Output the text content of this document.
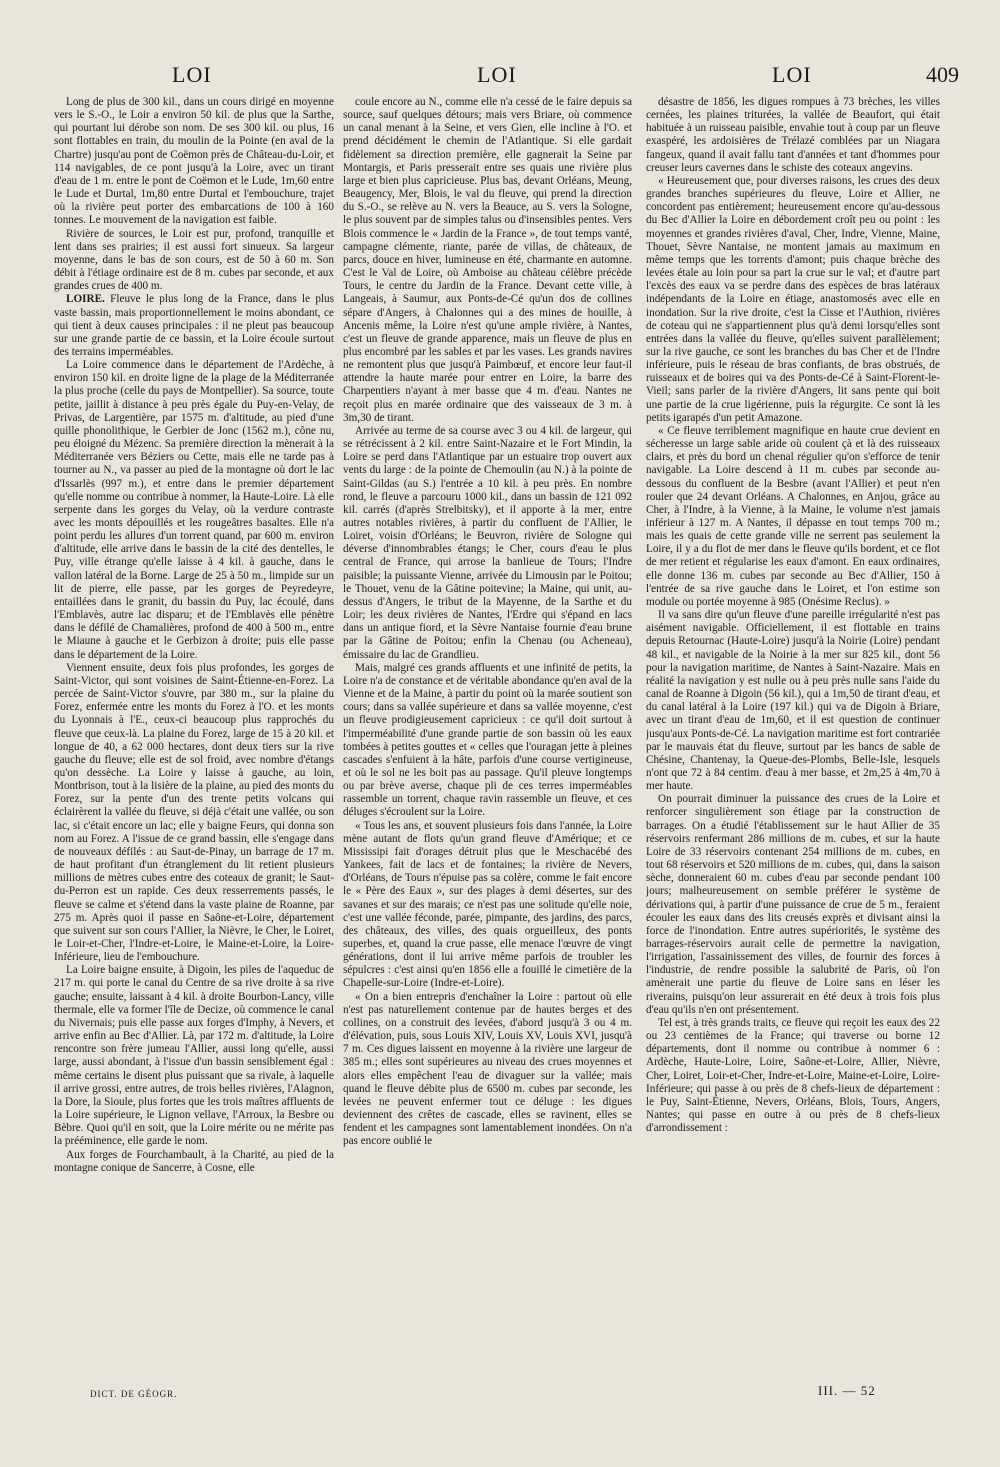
LOI	LOI	LOI	409

Long de plus de 300 kil., dans un cours dirigé en moyenne vers le S.-O., le Loir a environ 50 kil. de plus que la Sarthe, qui pourtant lui dérobe son nom. De ses 300 kil. ou plus, 16 sont flottables en train, du moulin de la Pointe (en aval de la Chartre) jusqu'au pont de Coëmon près de Château-du-Loir, et 114 navigables, de ce pont jusqu'à la Loire, avec un tirant d'eau de 1 m. entre le pont de Coëmon et le Lude, 1m,60 entre le Lude et Durtal, 1m,80 entre Durtal et l'embouchure, trajet où la rivière peut porter des embarcations de 100 à 160 tonnes. Le mouvement de la navigation est faible.

Rivière de sources, le Loir est pur, profond, tranquille et lent dans ses prairies; il est aussi fort sinueux. Sa largeur moyenne, dans le bas de son cours, est de 50 à 60 m. Son débit à l'étiage ordinaire est de 8 m. cubes par seconde, et aux grandes crues de 400 m.

LOIRE. Fleuve le plus long de la France, dans le plus vaste bassin, mais proportionnellement le moins abondant, ce qui tient à deux causes principales : il ne pleut pas beaucoup sur une grande partie de ce bassin, et la Loire écoule surtout des terrains imperméables.

La Loire commence dans le département de l'Ardèche, à environ 150 kil. en droite ligne de la plage de la Méditerranée la plus proche (celle du pays de Montpellier). Sa source, toute petite, jaillit à distance à peu près égale du Puy-en-Velay, de Privas, de Largentière, par 1575 m. d'altitude, au pied d'une quille phonolithique, le Gerbier de Jonc (1562 m.), cône nu, peu éloigné du Mézenc. Sa première direction la mènerait à la Méditerranée vers Béziers ou Cette, mais elle ne tarde pas à tourner au N., va passer au pied de la montagne où dort le lac d'Issarlès (997 m.), et entre dans le premier département qu'elle nomme ou contribue à nommer, la Haute-Loire. Là elle serpente dans les gorges du Velay, où la verdure contraste avec les monts dépouillés et les rougeâtres basaltes. Elle n'a point perdu les allures d'un torrent quand, par 600 m. environ d'altitude, elle arrive dans le bassin de la cité des dentelles, le Puy, ville étrange qu'elle laisse à 4 kil. à gauche, dans le vallon latéral de la Borne. Large de 25 à 50 m., limpide sur un lit de pierre, elle passe, par les gorges de Peyredeyre, entaillées dans le granit, du bassin du Puy, lac écoulé, dans l'Emblavès, autre lac disparu; et de l'Emblavès elle pénètre dans le défilé de Chamalières, profond de 400 à 500 m., entre le Miaune à gauche et le Gerbizon à droite; puis elle passe dans le département de la Loire.

Viennent ensuite, deux fois plus profondes, les gorges de Saint-Victor, qui sont voisines de Saint-Étienne-en-Forez. La percée de Saint-Victor s'ouvre, par 380 m., sur la plaine du Forez, enfermée entre les monts du Forez à l'O. et les monts du Lyonnais à l'E., ceux-ci beaucoup plus rapprochés du fleuve que ceux-là. La plaine du Forez, large de 15 à 20 kil. et longue de 40, a 62 000 hectares, dont deux tiers sur la rive gauche du fleuve; elle est de sol froid, avec nombre d'étangs qu'on dessèche. La Loire y laisse à gauche, au loin, Montbrison, tout à la lisière de la plaine, au pied des monts du Forez, sur la pente d'un des trente petits volcans qui éclairèrent la vallée du fleuve, si déjà c'était une vallée, ou son lac, si c'était encore un lac; elle y baigne Feurs, qui donna son nom au Forez. A l'issue de ce grand bassin, elle s'engage dans de nouveaux défilés : au Saut-de-Pinay, un barrage de 17 m. de haut profitant d'un étranglement du lit retient plusieurs millions de mètres cubes entre des coteaux de granit; le Saut-du-Perron est un rapide. Ces deux resserrements passés, le fleuve se calme et s'étend dans la vaste plaine de Roanne, par 275 m. Après quoi il passe en Saône-et-Loire, département que suivent sur son cours l'Allier, la Nièvre, le Cher, le Loiret, le Loir-et-Cher, l'Indre-et-Loire, le Maine-et-Loire, la Loire-Inférieure, lieu de l'embouchure.

La Loire baigne ensuite, à Digoin, les piles de l'aqueduc de 217 m. qui porte le canal du Centre de sa rive droite à sa rive gauche; ensuite, laissant à 4 kil. à droite Bourbon-Lancy, ville thermale, elle va former l'île de Decize, où commence le canal du Nivernais; puis elle passe aux forges d'Imphy, à Nevers, et arrive enfin au Bec d'Allier. Là, par 172 m. d'altitude, la Loire rencontre son frère jumeau l'Allier, aussi long qu'elle, aussi large, aussi abondant, à l'issue d'un bassin sensiblement égal : même certains le disent plus puissant que sa rivale, à laquelle il arrive grossi, entre autres, de trois belles rivières, l'Alagnon, la Dore, la Sioule, plus fortes que les trois maîtres affluents de la Loire supérieure, le Lignon vellave, l'Arroux, la Besbre ou Bèbre. Quoi qu'il en soit, que la Loire mérite ou ne mérite pas la prééminence, elle garde le nom.

Aux forges de Fourchambault, à la Charité, au pied de la montagne conique de Sancerre, à Cosne, elle

coule encore au N., comme elle n'a cessé de le faire depuis sa source, sauf quelques détours; mais vers Briare, où commence un canal menant à la Seine, et vers Gien, elle incline à l'O. et prend décidément le chemin de l'Atlantique. Si elle gardait fidèlement sa direction première, elle gagnerait la Seine par Montargis, et Paris presserait entre ses quais une rivière plus large et bien plus capricieuse. Plus bas, devant Orléans, Meung, Beaugency, Mer, Blois, le val du fleuve, qui prend la direction du S.-O., se relève au N. vers la Beauce, au S. vers la Sologne, le plus souvent par de simples talus ou d'insensibles pentes. Vers Blois commence le « Jardin de la France », de tout temps vanté, campagne clémente, riante, parée de villas, de châteaux, de parcs, douce en hiver, lumineuse en été, charmante en automne. C'est le Val de Loire, où Amboise au château célèbre précède Tours, le centre du Jardin de la France. Devant cette ville, à Langeais, à Saumur, aux Ponts-de-Cé qu'un dos de collines sépare d'Angers, à Chalonnes qui a des mines de houille, à Ancenis même, la Loire n'est qu'une ample rivière, à Nantes, c'est un fleuve de grande apparence, mais un fleuve de plus en plus encombré par les sables et par les vases. Les grands navires ne remontent plus que jusqu'à Paimbœuf, et encore leur faut-il attendre la haute marée pour entrer en Loire, la barre des Charpentiers n'ayant à mer basse que 4 m. d'eau. Nantes ne reçoit plus en marée ordinaire que des vaisseaux de 3 m. à 3m,30 de tirant.

Arrivée au terme de sa course avec 3 ou 4 kil. de largeur, qui se rétrécissent à 2 kil. entre Saint-Nazaire et le Fort Mindin, la Loire se perd dans l'Atlantique par un estuaire trop ouvert aux vents du large : de la pointe de Chemoulin (au N.) à la pointe de Saint-Gildas (au S.) l'entrée a 10 kil. à peu près. En nombre rond, le fleuve a parcouru 1000 kil., dans un bassin de 121 092 kil. carrés (d'après Strelbitsky), et il apporte à la mer, entre autres notables rivières, à partir du confluent de l'Allier, le Loiret, voisin d'Orléans; le Beuvron, rivière de Sologne qui déverse d'innombrables étangs; le Cher, cours d'eau le plus central de France, qui arrose la banlieue de Tours; l'Indre paisible; la puissante Vienne, arrivée du Limousin par le Poitou; le Thouet, venu de la Gâtine poitevine; la Maine, qui unit, au-dessus d'Angers, le tribut de la Mayenne, de la Sarthe et du Loir; les deux rivières de Nantes, l'Erdre qui s'épand en lacs dans un antique fiord, et la Sèvre Nantaise fournie d'eau brune par la Gâtine de Poitou; enfin la Chenau (ou Acheneau), émissaire du lac de Grandlieu.

Mais, malgré ces grands affluents et une infinité de petits, la Loire n'a de constance et de véritable abondance qu'en aval de la Vienne et de la Maine, à partir du point où la marée soutient son cours; dans sa vallée supérieure et dans sa vallée moyenne, c'est un fleuve prodigieusement capricieux : ce qu'il doit surtout à l'imperméabilité d'une grande partie de son bassin où les eaux tombées à petites gouttes et « celles que l'ouragan jette à pleines cascades s'enfuient à la hâte, parfois d'une course vertigineuse, et où le sol ne les boit pas au passage. Qu'il pleuve longtemps ou par brève averse, chaque pli de ces terres imperméables rassemble un torrent, chaque ravin rassemble un fleuve, et ces déluges s'écroulent sur la Loire.

« Tous les ans, et souvent plusieurs fois dans l'année, la Loire mène autant de flots qu'un grand fleuve d'Amérique; et ce Mississipi fait d'orages détruit plus que le Meschacébé des Yankees, fait de lacs et de fontaines; la rivière de Nevers, d'Orléans, de Tours n'épuise pas sa colère, comme le fait encore le « Père des Eaux », sur des plages à demi désertes, sur des savanes et sur des marais; ce n'est pas une solitude qu'elle noie, c'est une vallée féconde, parée, pimpante, des jardins, des parcs, des châteaux, des villes, des quais orgueilleux, des ponts superbes, et, quand la crue passe, elle menace l'œuvre de vingt générations, dont il lui arrive même parfois de troubler les sépulcres : c'est ainsi qu'en 1856 elle a fouillé le cimetière de la Chapelle-sur-Loire (Indre-et-Loire).

« On a bien entrepris d'enchaîner la Loire : partout où elle n'est pas naturellement contenue par de hautes berges et des collines, on a construit des levées, d'abord jusqu'à 3 ou 4 m. d'élévation, puis, sous Louis XIV, Louis XV, Louis XVI, jusqu'à 7 m. Ces digues laissent en moyenne à la rivière une largeur de 385 m.; elles sont supérieures au niveau des crues moyennes et alors elles empêchent l'eau de divaguer sur la vallée; mais quand le fleuve débite plus de 6500 m. cubes par seconde, les levées ne peuvent enfermer tout ce déluge : les digues deviennent des crêtes de cascade, elles se ravinent, elles se fendent et les campagnes sont lamentablement inondées. On n'a pas encore oublié le

désastre de 1856, les digues rompues à 73 brèches, les villes cernées, les plaines triturées, la vallée de Beaufort, qui était habituée à un ruisseau paisible, envahie tout à coup par un fleuve exaspéré, les ardoisières de Trélazé comblées par un Niagara fangeux, quand il avait fallu tant d'années et tant d'hommes pour creuser leurs cavernes dans le schiste des coteaux angevins.

« Heureusement que, pour diverses raisons, les crues des deux grandes branches supérieures du fleuve, Loire et Allier, ne concordent pas entièrement; heureusement encore qu'au-dessous du Bec d'Allier la Loire en débordement croît peu ou point : les moyennes et grandes rivières d'aval, Cher, Indre, Vienne, Maine, Thouet, Sèvre Nantaise, ne montent jamais au maximum en même temps que les torrents d'amont; puis chaque brèche des levées étale au loin pour sa part la crue sur le val; et d'autre part l'excès des eaux va se perdre dans des espèces de bras latéraux indépendants de la Loire en étiage, anastomosés avec elle en inondation. Sur la rive droite, c'est la Cisse et l'Authion, rivières de coteau qui ne s'appartiennent plus qu'à demi lorsqu'elles sont entrées dans la vallée du fleuve, qu'elles suivent parallèlement; sur la rive gauche, ce sont les branches du bas Cher et de l'Indre inférieure, puis le réseau de bras confiants, de bras obstrués, de ruisseaux et de boires qui va des Ponts-de-Cé à Saint-Florent-le-Vieil; sans parler de la rivière d'Angers, lit sans pente qui boit une partie de la crue ligérienne, puis la régurgite. Ce sont là les petits igarapés d'un petit Amazone.

« Ce fleuve terriblement magnifique en haute crue devient en sécheresse un large sable aride où coulent çà et là des ruisseaux clairs, et près du bord un chenal régulier qu'on s'efforce de tenir navigable. La Loire descend à 11 m. cubes par seconde au-dessous du confluent de la Besbre (avant l'Allier) et peut n'en rouler que 24 devant Orléans. A Chalonnes, en Anjou, grâce au Cher, à l'Indre, à la Vienne, à la Maine, le volume n'est jamais inférieur à 127 m. A Nantes, il dépasse en tout temps 700 m.; mais les quais de cette grande ville ne serrent pas seulement la Loire, il y a du flot de mer dans le fleuve qu'ils bordent, et ce flot de mer retient et régularise les eaux d'amont. En eaux ordinaires, elle donne 136 m. cubes par seconde au Bec d'Allier, 150 à l'entrée de sa rive gauche dans le Loiret, et l'on estime son module ou portée moyenne à 985 (Onésime Reclus). »

Il va sans dire qu'un fleuve d'une pareille irrégularité n'est pas aisément navigable. Officiellement, il est flottable en trains depuis Retournac (Haute-Loire) jusqu'à la Noirie (Loire) pendant 48 kil., et navigable de la Noirie à la mer sur 825 kil., dont 56 pour la navigation maritime, de Nantes à Saint-Nazaire. Mais en réalité la navigation y est nulle ou à peu près nulle sans l'aide du canal de Roanne à Digoin (56 kil.), qui a 1m,50 de tirant d'eau, et du canal latéral à la Loire (197 kil.) qui va de Digoin à Briare, avec un tirant d'eau de 1m,60, et il est question de continuer jusqu'aux Ponts-de-Cé. La navigation maritime est fort contrariée par le mauvais état du fleuve, surtout par les bancs de sable de Chésine, Chantenay, la Queue-des-Plombs, Belle-Isle, lesquels n'ont que 72 à 84 centim. d'eau à mer basse, et 2m,25 à 4m,70 à mer haute.

On pourrait diminuer la puissance des crues de la Loire et renforcer singulièrement son étiage par la construction de barrages. On a étudié l'établissement sur le haut Allier de 35 réservoirs renfermant 286 millions de m. cubes, et sur la haute Loire de 33 réservoirs contenant 254 millions de m. cubes, en tout 68 réservoirs et 520 millions de m. cubes, qui, dans la saison sèche, donneraient 60 m. cubes d'eau par seconde pendant 100 jours; malheureusement on semble préférer le système de dérivations qui, à partir d'une puissance de crue de 5 m., feraient écouler les eaux dans des lits creusés exprès et divisant ainsi la force de l'inondation. Entre autres supériorités, le système des barrages-réservoirs aurait celle de permettre la navigation, l'irrigation, l'assainissement des villes, de fournir des forces à l'industrie, de rendre possible la salubrité de Paris, où l'on amènerait une partie du fleuve de Loire sans en léser les riverains, puisqu'on leur assurerait en été deux à trois fois plus d'eau qu'ils n'en ont présentement.

Tel est, à très grands traits, ce fleuve qui reçoit les eaux des 22 ou 23 centièmes de la France; qui traverse ou borne 12 départements, dont il nomme ou contribue à nommer 6 : Ardèche, Haute-Loire, Loire, Saône-et-Loire, Allier, Nièvre, Cher, Loiret, Loir-et-Cher, Indre-et-Loire, Maine-et-Loire, Loire-Inférieure; qui passe à ou près de 8 chefs-lieux de département : le Puy, Saint-Étienne, Nevers, Orléans, Blois, Tours, Angers, Nantes; qui passe en outre à ou près de 8 chefs-lieux d'arrondissement :

DICT. DE GÉOGR.	III. — 52
